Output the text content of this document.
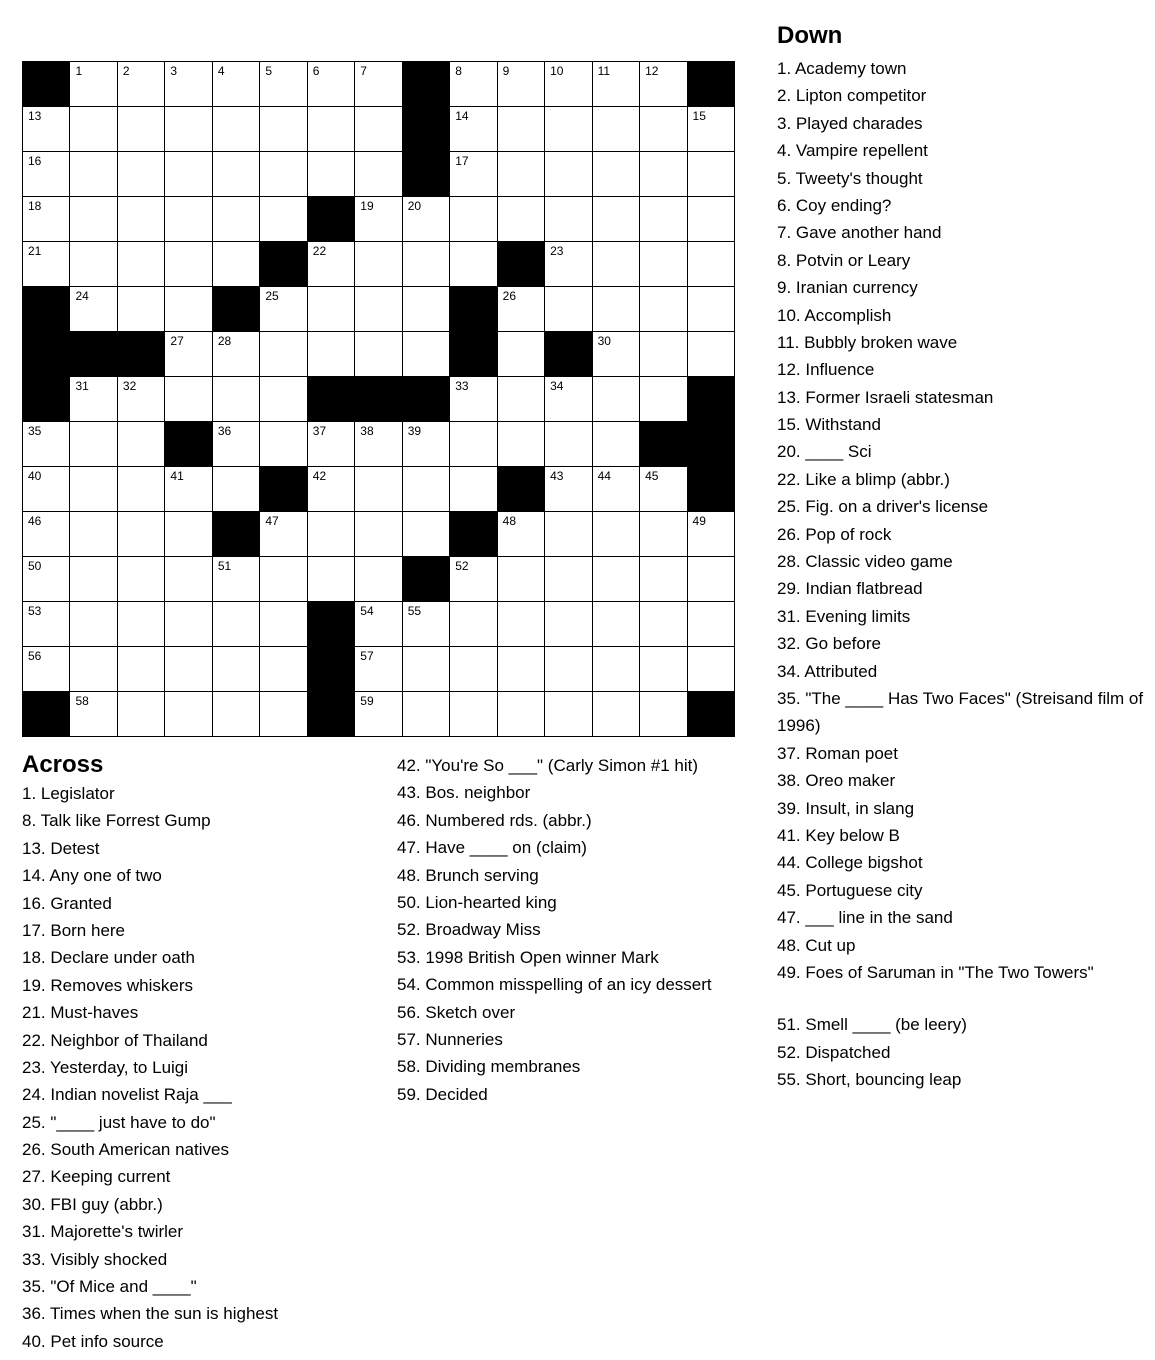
1	2	3	4	5	6	7	8	9	10	11	12
13	14	15
16	17
18	19	20
21	22	23
24	25	26
27	28	29	30
31	32	33	34
35	36	37	38	39
40	41	42	43	44	45
46	47	48	49
50	51	52
53	54	55
56	57
58	59
Down
1. Academy town
2. Lipton competitor
3. Played charades
4. Vampire repellent
5. Tweety's thought
6. Coy ending?
7. Gave another hand
8. Potvin or Leary
9. Iranian currency
10. Accomplish
11. Bubbly broken wave
12. Influence
13. Former Israeli statesman
15. Withstand
20. ____ Sci
22. Like a blimp (abbr.)
25. Fig. on a driver's license
26. Pop of rock
28. Classic video game
29. Indian flatbread
31. Evening limits
32. Go before
34. Attributed
35. "The ____ Has Two Faces" (Streisand film of 1996)
37. Roman poet
38. Oreo maker
39. Insult, in slang
41. Key below B
44. College bigshot
45. Portuguese city
47. ___ line in the sand
48. Cut up
49. Foes of Saruman in "The Two Towers"
51. Smell ____ (be leery)
52. Dispatched
55. Short, bouncing leap
Across
1. Legislator
8. Talk like Forrest Gump
13. Detest
14. Any one of two
16. Granted
17. Born here
18. Declare under oath
19. Removes whiskers
21. Must-haves
22. Neighbor of Thailand
23. Yesterday, to Luigi
24. Indian novelist Raja ___
25. "____ just have to do"
26. South American natives
27. Keeping current
30. FBI guy (abbr.)
31. Majorette's twirler
33. Visibly shocked
35. "Of Mice and ____"
36. Times when the sun is highest
40. Pet info source
42. "You're So ___" (Carly Simon #1 hit)
43. Bos. neighbor
46. Numbered rds. (abbr.)
47. Have ____ on (claim)
48. Brunch serving
50. Lion-hearted king
52. Broadway Miss
53. 1998 British Open winner Mark
54. Common misspelling of an icy dessert
56. Sketch over
57. Nunneries
58. Dividing membranes
59. Decided
